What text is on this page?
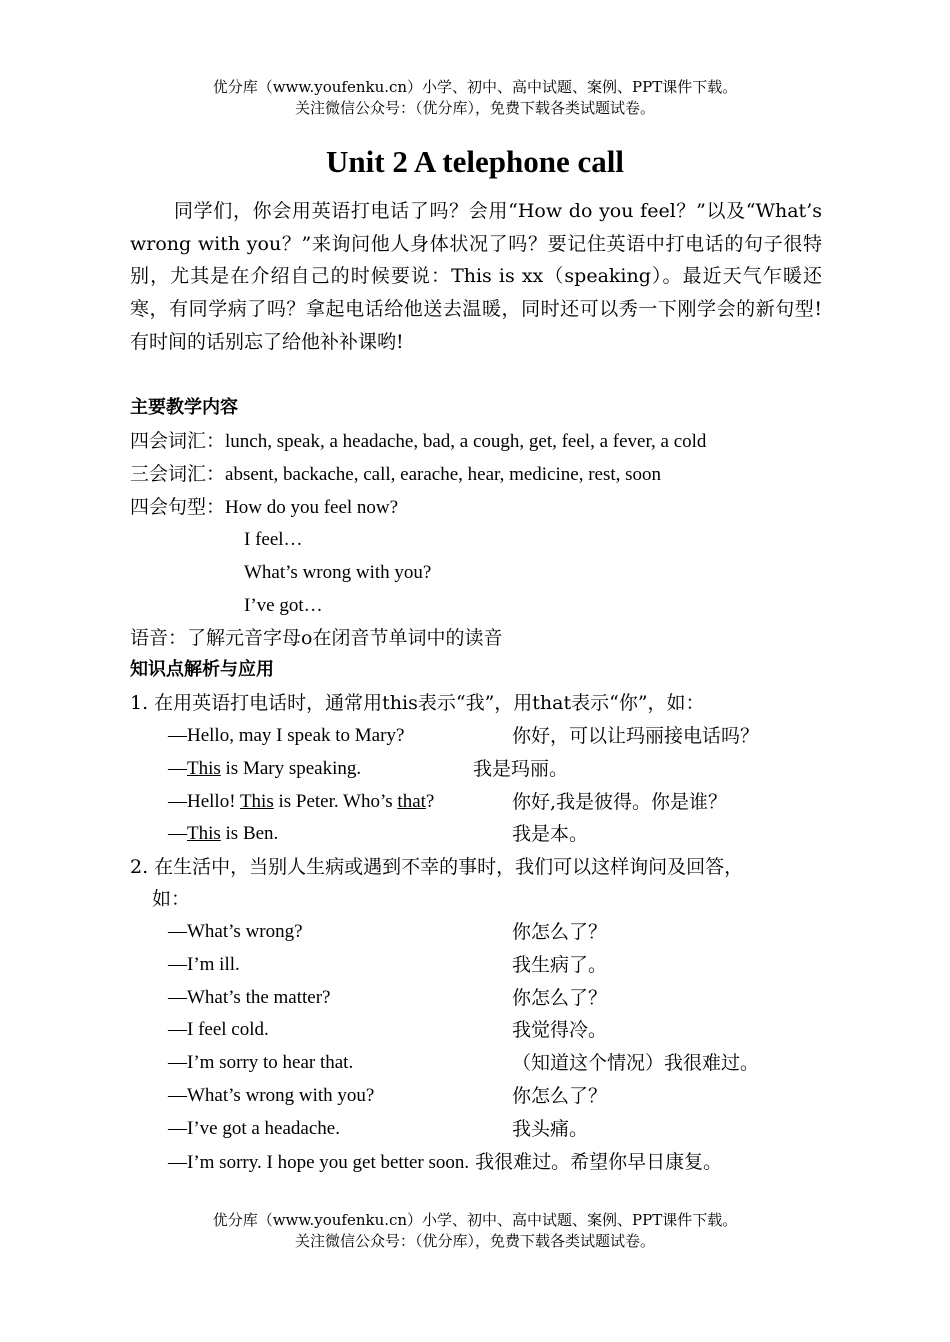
优分库（www.youfenku.cn）小学、初中、高中试题、案例、PPT课件下载。
关注微信公众号：（优分库），免费下载各类试题试卷。
Unit 2 A telephone call

同学们，你会用英语打电话了吗？会用“How do you feel？”以及“What’s wrong with you？”来询问他人身体状况了吗？要记住英语中打电话的句子很特别，尤其是在介绍自己的时候要说：This is xx（speaking）。最近天气乍暖还寒，有同学病了吗？拿起电话给他送去温暖，同时还可以秀一下刚学会的新句型! 有时间的话别忘了给他补补课哟!

主要教学内容
四会词汇：lunch, speak, a headache, bad, a cough, get, feel, a fever, a cold
三会词汇：absent, backache, call, earache, hear, medicine, rest, soon
四会句型：How do you feel now?
I feel…
What’s wrong with you?
I’ve got…
语音：了解元音字母o在闭音节单词中的读音
知识点解析与应用
1. 在用英语打电话时，通常用this表示“我”，用that表示“你”，如：
—Hello, may I speak to Mary?	你好，可以让玛丽接电话吗？
—This is Mary speaking.	我是玛丽。
—Hello! This is Peter. Who’s that?	你好,我是彼得。你是谁？
—This is Ben.	我是本。
2. 在生活中，当别人生病或遇到不幸的事时，我们可以这样询问及回答，
如：
—What’s wrong?	你怎么了？
—I’m ill.	我生病了。
—What’s the matter?	你怎么了？
—I feel cold.	我觉得冷。
—I’m sorry to hear that.	（知道这个情况）我很难过。
—What’s wrong with you?	你怎么了？
—I’ve got a headache.	我头痛。
—I’m sorry. I hope you get better soon. 我很难过。希望你早日康复。
优分库（www.youfenku.cn）小学、初中、高中试题、案例、PPT课件下载。
关注微信公众号：（优分库），免费下载各类试题试卷。
